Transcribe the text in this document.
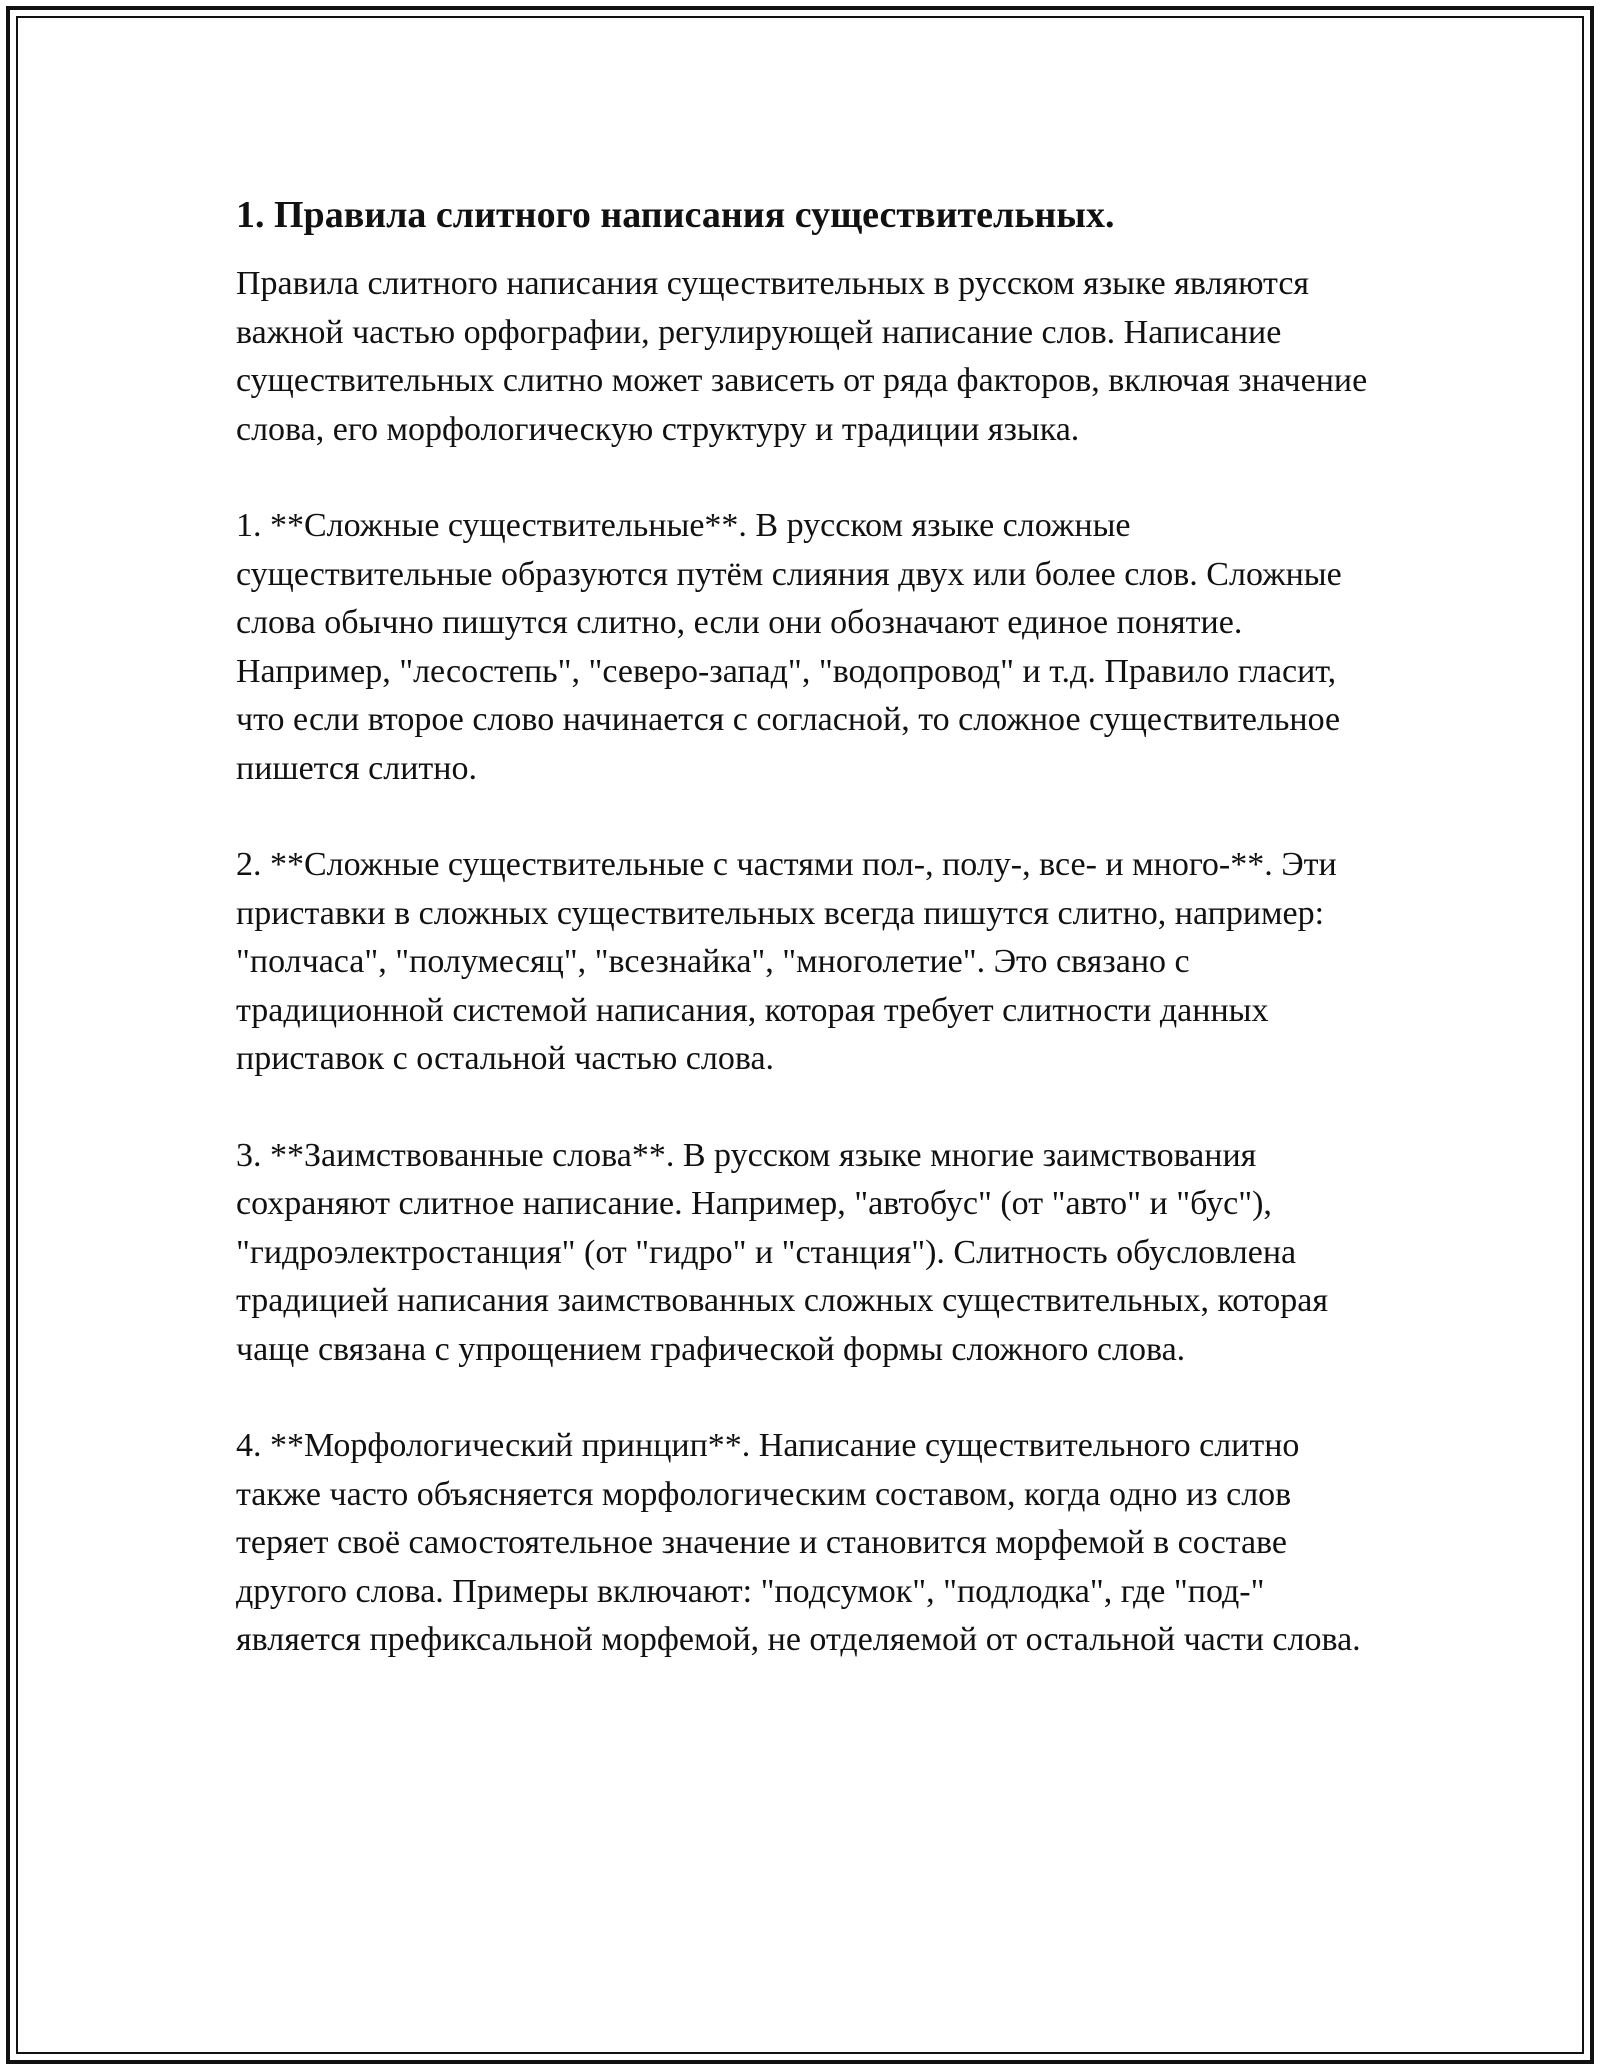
1. Правила слитного написания существительных.

Правила слитного написания существительных в русском языке являются важной частью орфографии, регулирующей написание слов. Написание существительных слитно может зависеть от ряда факторов, включая значение слова, его морфологическую структуру и традиции языка.

1. **Сложные существительные**. В русском языке сложные существительные образуются путём слияния двух или более слов. Сложные слова обычно пишутся слитно, если они обозначают единое понятие. Например, "лесостепь", "северо-запад", "водопровод" и т.д. Правило гласит, что если второе слово начинается с согласной, то сложное существительное пишется слитно.

2. **Сложные существительные с частями пол-, полу-, все- и много-**. Эти приставки в сложных существительных всегда пишутся слитно, например: "полчаса", "полумесяц", "всезнайка", "многолетие". Это связано с традиционной системой написания, которая требует слитности данных приставок с остальной частью слова.

3. **Заимствованные слова**. В русском языке многие заимствования сохраняют слитное написание. Например, "автобус" (от "авто" и "бус"), "гидроэлектростанция" (от "гидро" и "станция"). Слитность обусловлена традицией написания заимствованных сложных существительных, которая чаще связана с упрощением графической формы сложного слова.

4. **Морфологический принцип**. Написание существительного слитно также часто объясняется морфологическим составом, когда одно из слов теряет своё самостоятельное значение и становится морфемой в составе другого слова. Примеры включают: "подсумок", "подлодка", где "под-" является префиксальной морфемой, не отделяемой от остальной части слова.
